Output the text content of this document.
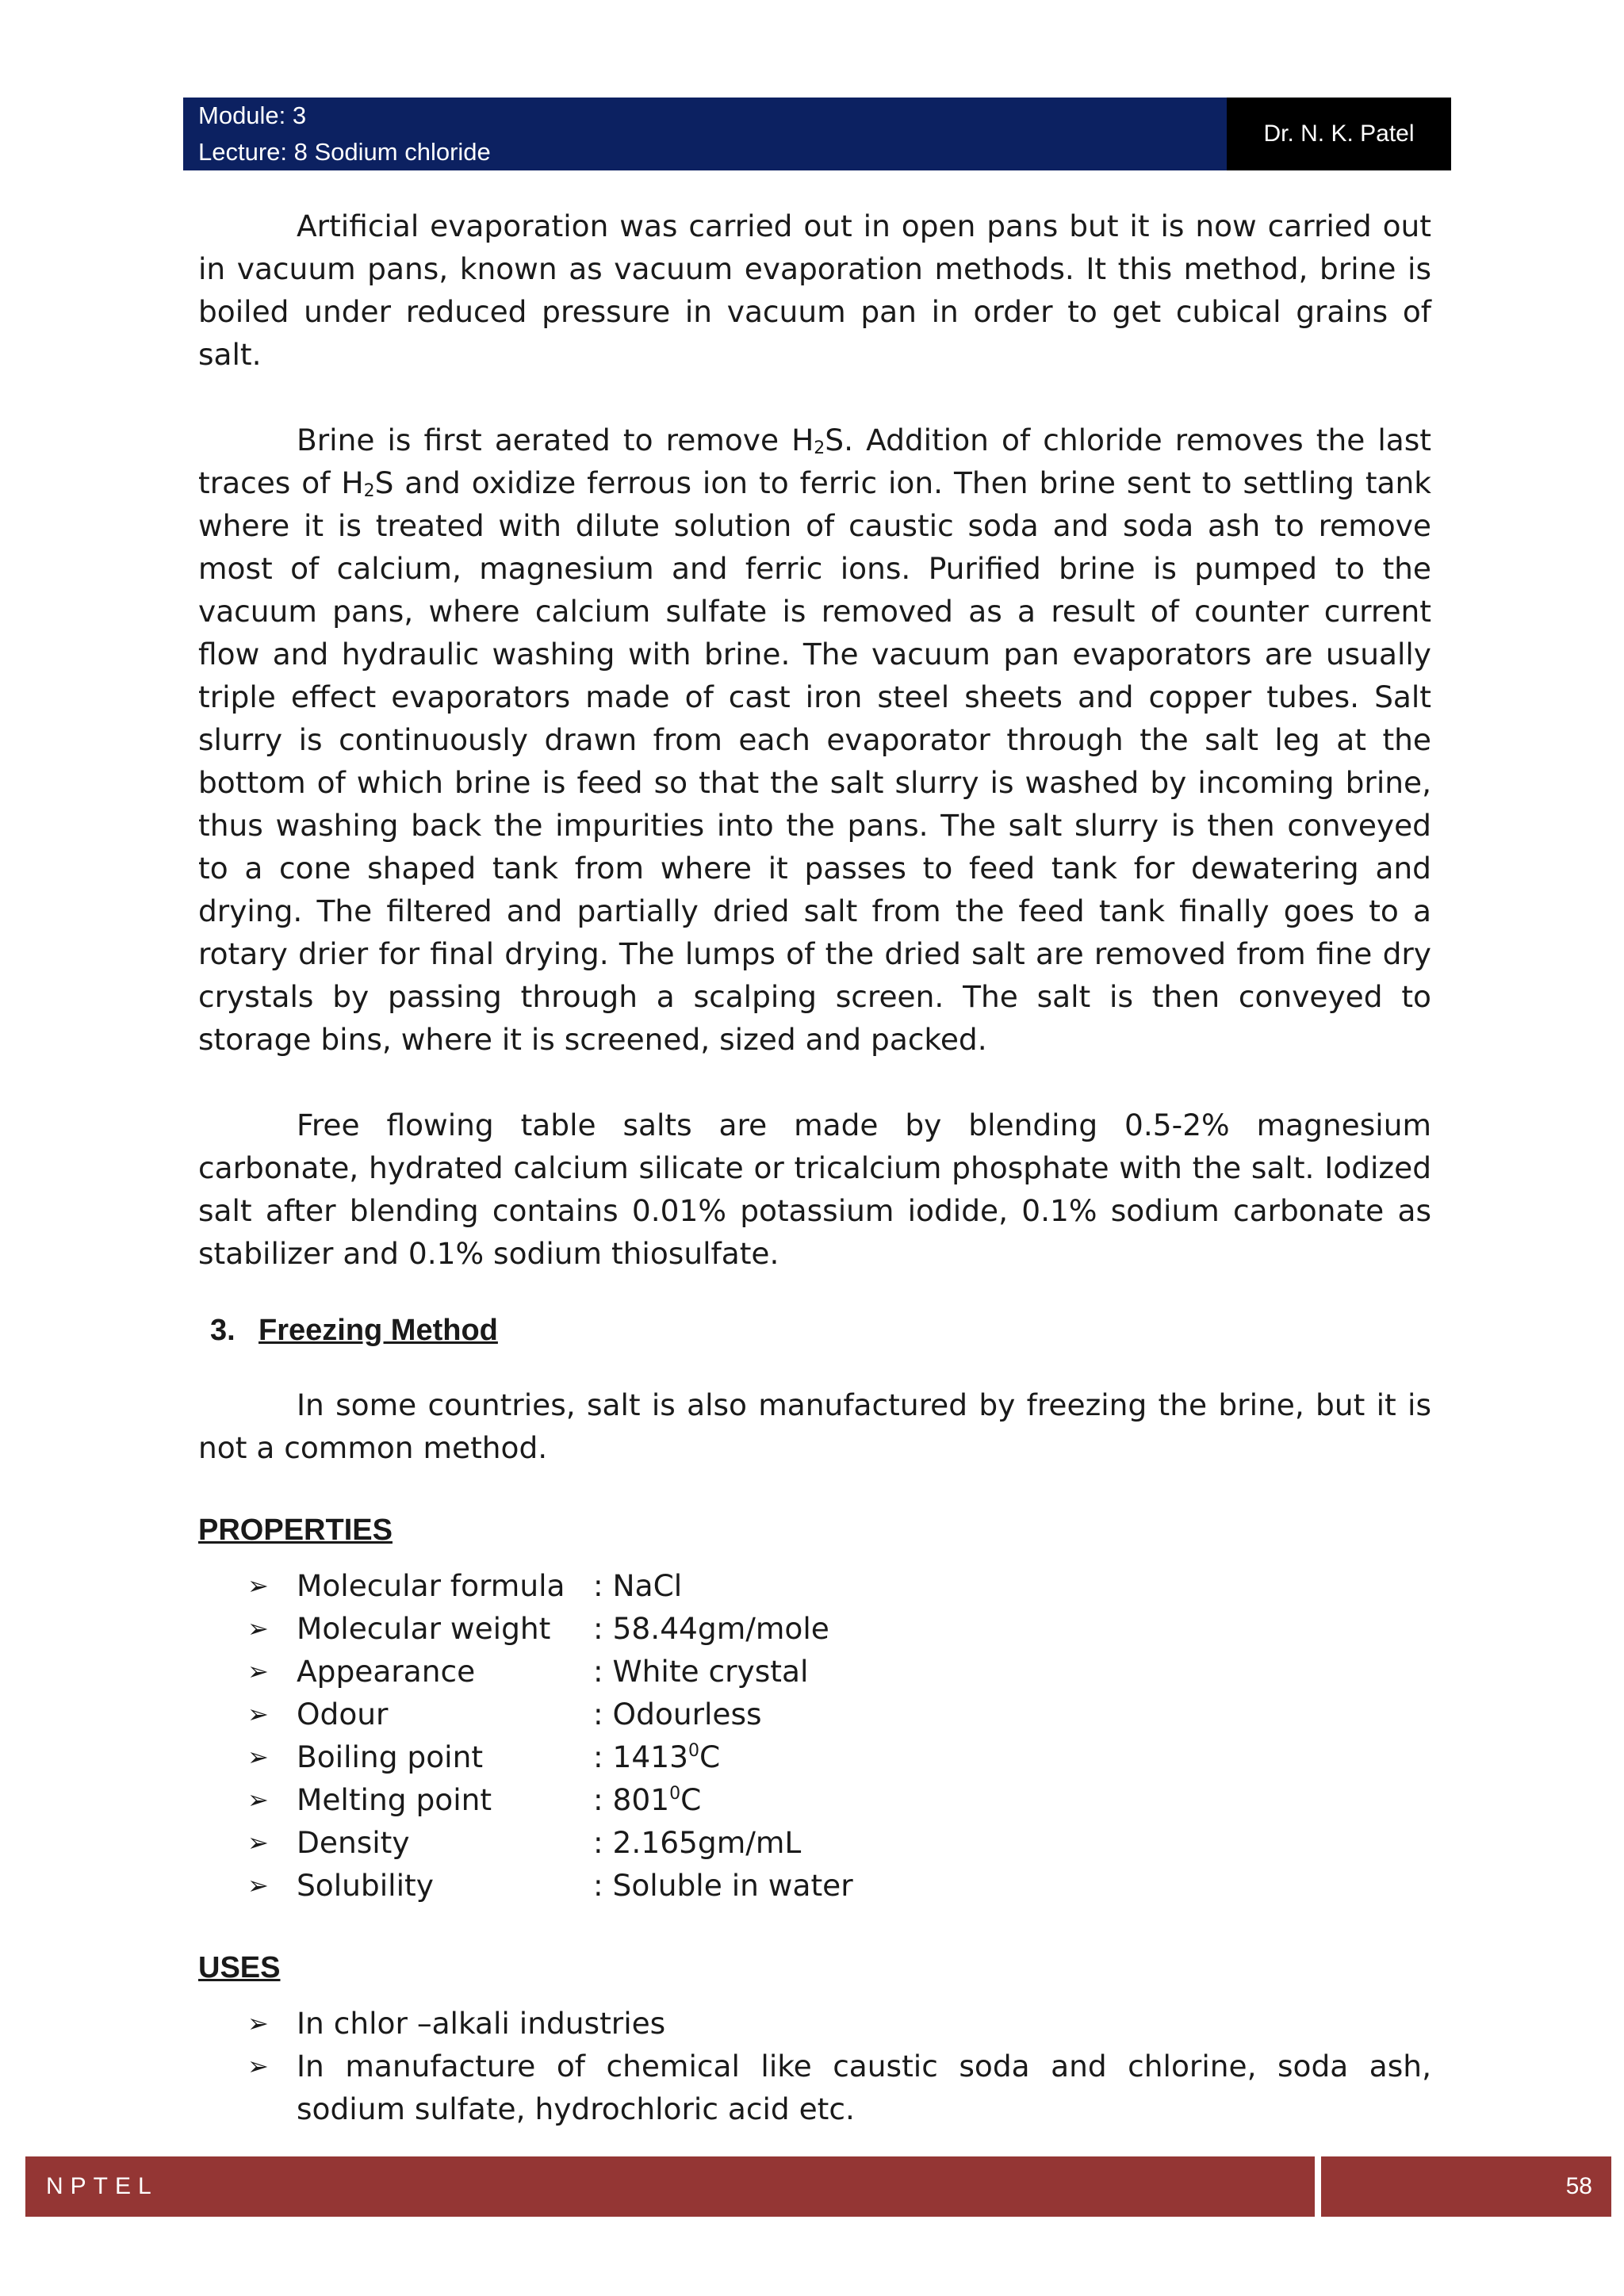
Module: 3
Lecture: 8 Sodium chloride
Dr. N. K. Patel

Artificial evaporation was carried out in open pans but it is now carried out in vacuum pans, known as vacuum evaporation methods. It this method, brine is boiled under reduced pressure in vacuum pan in order to get cubical grains of salt.

Brine is first aerated to remove $H_2S$. Addition of chloride removes the last traces of $H_2S$ and oxidize ferrous ion to ferric ion. Then brine sent to settling tank where it is treated with dilute solution of caustic soda and soda ash to remove most of calcium, magnesium and ferric ions. Purified brine is pumped to the vacuum pans, where calcium sulfate is removed as a result of counter current flow and hydraulic washing with brine. The vacuum pan evaporators are usually triple effect evaporators made of cast iron steel sheets and copper tubes. Salt slurry is continuously drawn from each evaporator through the salt leg at the bottom of which brine is feed so that the salt slurry is washed by incoming brine, thus washing back the impurities into the pans. The salt slurry is then conveyed to a cone shaped tank from where it passes to feed tank for dewatering and drying. The filtered and partially dried salt from the feed tank finally goes to a rotary drier for final drying. The lumps of the dried salt are removed from fine dry crystals by passing through a scalping screen. The salt is then conveyed to storage bins, where it is screened, sized and packed.

Free flowing table salts are made by blending 0.5-2% magnesium carbonate, hydrated calcium silicate or tricalcium phosphate with the salt. Iodized salt after blending contains 0.01% potassium iodide, 0.1% sodium carbonate as stabilizer and 0.1% sodium thiosulfate.

3. Freezing Method

In some countries, salt is also manufactured by freezing the brine, but it is not a common method.

PROPERTIES
➢ Molecular formula : NaCl
➢ Molecular weight : 58.44gm/mole
➢ Appearance	: White crystal
➢ Odour	: Odourless
➢ Boiling point	: 1413$^0$C
➢ Melting point	: $801^0C$
➢ Density	: 2.165gm/mL
➢ Solubility	: Soluble in water
USES
➢ In chlor –alkali industries
➢ In manufacture of chemical like caustic soda and chlorine, soda ash, sodium sulfate, hydrochloric acid etc.
NPTEL	58
